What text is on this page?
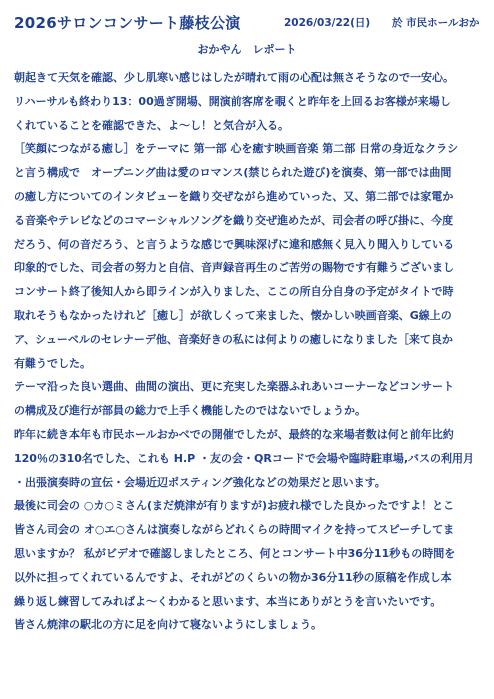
2026サロンコンサート藤枝公演	2026/03/22(日) 於 市民ホールおか
おかやん　レポート
朝起きて天気を確認、少し肌寒い感じはしたが晴れて雨の心配は無さそうなので一安心。
リハーサルも終わり13：00過ぎ開場、開演前客席を覗くと昨年を上回るお客様が来場し
くれていることを確認できた、よ～し！と気合が入る。
［笑顔につながる癒し］をテーマに 第一部 心を癒す映画音楽 第二部 日常の身近なクラシ
と言う構成で　オープニング曲は愛のロマンス(禁じられた遊び)を演奏、第一部では曲間
の癒し方についてのインタビューを織り交ぜながら進めていった、又、第二部では家電か
る音楽やテレビなどのコマーシャルソングを織り交ぜ進めたが、司会者の呼び掛に、今度
だろう、何の音だろう、と言うような感じで興味深げに違和感無く見入り聞入りしている
印象的でした、司会者の努力と自信、音声録音再生のご苦労の賜物です有難うございまし
コンサート終了後知人から即ラインが入りました、ここの所自分自身の予定がタイトで時
取れそうもなかったけれど［癒し］が欲しくって来ました、懐かしい映画音楽、G線上の
ア、シューベルのセレナーデ他、音楽好きの私には何よりの癒しになりました［来て良か
有難うでした。
テーマ沿った良い選曲、曲間の演出、更に充実した楽器ふれあいコーナーなどコンサート
の構成及び進行が部員の総力で上手く機能したのではないでしょうか。
昨年に続き本年も市民ホールおかべでの開催でしたが、最終的な来場者数は何と前年比約
120％の310名でした、これも H.P ・友の会・QRコードで会場や臨時駐車場,バスの利用月
・出張演奏時の宣伝・会場近辺ポスティング強化などの効果だと思います。
最後に司会の ○カ○ミさん(まだ焼津が有りますが)お疲れ様でした良かったですよ！とこ
皆さん司会の オ○エ○さんは演奏しながらどれくらの時間マイクを持ってスピーチしてま
思いますか？ 私がビデオで確認しましたところ、何とコンサート中36分11秒もの時間を
以外に担ってくれているんですよ、それがどのくらいの物か36分11秒の原稿を作成し本
繰り返し練習してみればよ～くわかると思います、本当にありがとうを言いたいです。
皆さん焼津の駅北の方に足を向けて寝ないようにしましょう。
